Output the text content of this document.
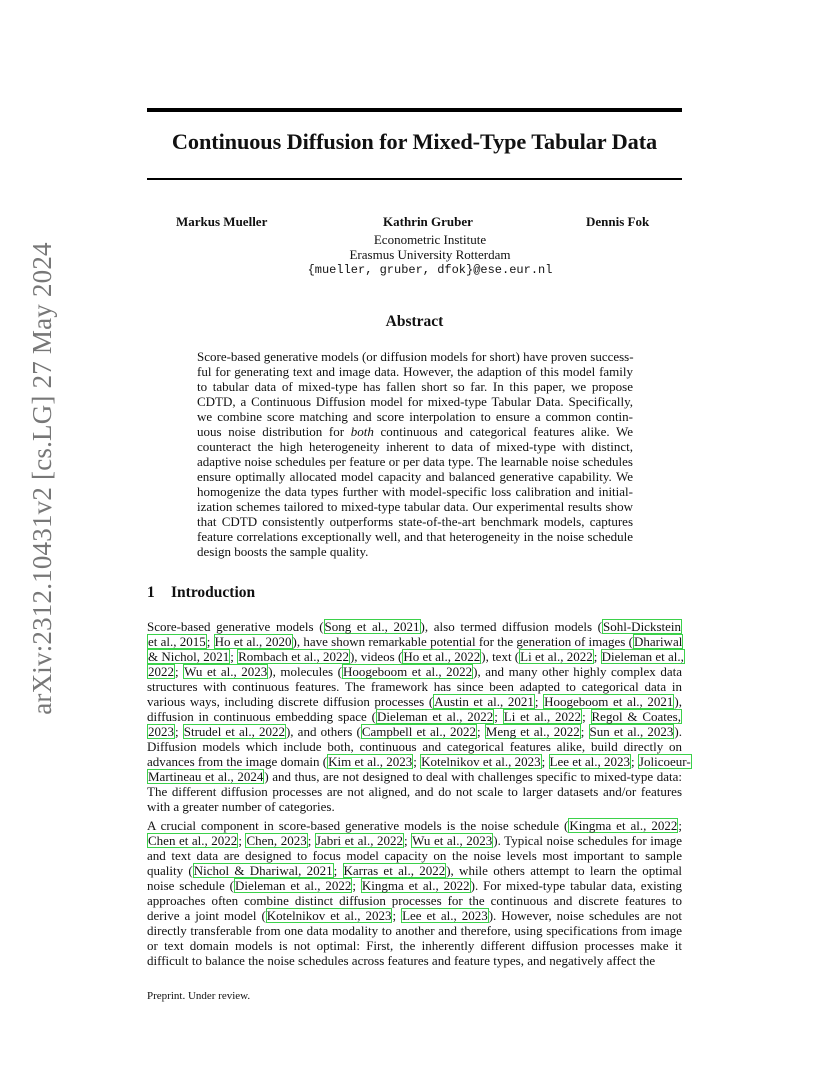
arXiv:2312.10431v2 [cs.LG] 27 May 2024
Continuous Diffusion for Mixed-Type Tabular Data
Markus Mueller	Kathrin Gruber	Dennis Fok
Econometric Institute
Erasmus University Rotterdam
{mueller, gruber, dfok}@ese.eur.nl
Abstract
Score-based generative models (or diffusion models for short) have proven success-
ful for generating text and image data. However, the adaption of this model family
to tabular data of mixed-type has fallen short so far. In this paper, we propose
CDTD, a Continuous Diffusion model for mixed-type Tabular Data. Specifically,
we combine score matching and score interpolation to ensure a common contin-
uous noise distribution for both continuous and categorical features alike. We
counteract the high heterogeneity inherent to data of mixed-type with distinct,
adaptive noise schedules per feature or per data type. The learnable noise schedules
ensure optimally allocated model capacity and balanced generative capability. We
homogenize the data types further with model-specific loss calibration and initial-
ization schemes tailored to mixed-type tabular data. Our experimental results show
that CDTD consistently outperforms state-of-the-art benchmark models, captures
feature correlations exceptionally well, and that heterogeneity in the noise schedule
design boosts the sample quality.
1 Introduction
Score-based generative models (Song et al., 2021), also termed diffusion models (Sohl-Dickstein
et al., 2015; Ho et al., 2020), have shown remarkable potential for the generation of images (Dhariwal
& Nichol, 2021; Rombach et al., 2022), videos (Ho et al., 2022), text (Li et al., 2022; Dieleman et al.,
2022; Wu et al., 2023), molecules (Hoogeboom et al., 2022), and many other highly complex data
structures with continuous features. The framework has since been adapted to categorical data in
various ways, including discrete diffusion processes (Austin et al., 2021; Hoogeboom et al., 2021),
diffusion in continuous embedding space (Dieleman et al., 2022; Li et al., 2022; Regol & Coates,
2023; Strudel et al., 2022), and others (Campbell et al., 2022; Meng et al., 2022; Sun et al., 2023).
Diffusion models which include both, continuous and categorical features alike, build directly on
advances from the image domain (Kim et al., 2023; Kotelnikov et al., 2023; Lee et al., 2023; Jolicoeur-
Martineau et al., 2024) and thus, are not designed to deal with challenges specific to mixed-type data:
The different diffusion processes are not aligned, and do not scale to larger datasets and/or features
with a greater number of categories.
A crucial component in score-based generative models is the noise schedule (Kingma et al., 2022;
Chen et al., 2022; Chen, 2023; Jabri et al., 2022; Wu et al., 2023). Typical noise schedules for image
and text data are designed to focus model capacity on the noise levels most important to sample
quality (Nichol & Dhariwal, 2021; Karras et al., 2022), while others attempt to learn the optimal
noise schedule (Dieleman et al., 2022; Kingma et al., 2022). For mixed-type tabular data, existing
approaches often combine distinct diffusion processes for the continuous and discrete features to
derive a joint model (Kotelnikov et al., 2023; Lee et al., 2023). However, noise schedules are not
directly transferable from one data modality to another and therefore, using specifications from image
or text domain models is not optimal: First, the inherently different diffusion processes make it
difficult to balance the noise schedules across features and feature types, and negatively affect the
Preprint. Under review.
